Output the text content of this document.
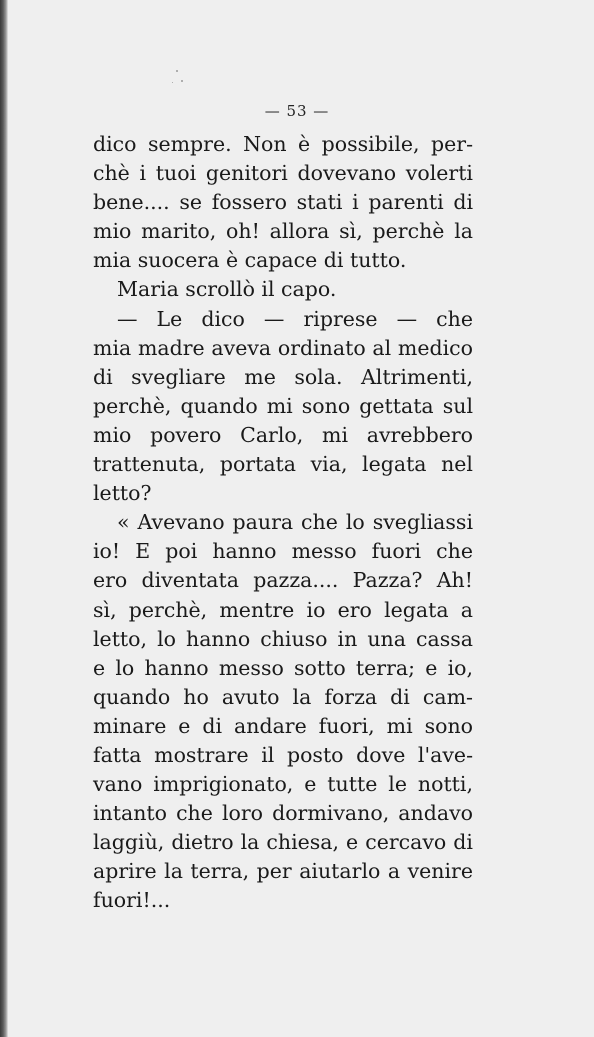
— 53 —
dico sempre. Non è possibile, per-
chè i tuoi genitori dovevano volerti
bene.... se fossero stati i parenti di
mio marito, oh! allora sì, perchè la
mia suocera è capace di tutto.
Maria scrollò il capo.
— Le dico — riprese — che
mia madre aveva ordinato al medico
di svegliare me sola. Altrimenti,
perchè, quando mi sono gettata sul
mio povero Carlo, mi avrebbero
trattenuta, portata via, legata nel
letto?
« Avevano paura che lo svegliassi
io! E poi hanno messo fuori che
ero diventata pazza.... Pazza? Ah!
sì, perchè, mentre io ero legata a
letto, lo hanno chiuso in una cassa
e lo hanno messo sotto terra; e io,
quando ho avuto la forza di cam-
minare e di andare fuori, mi sono
fatta mostrare il posto dove l'ave-
vano imprigionato, e tutte le notti,
intanto che loro dormivano, andavo
laggiù, dietro la chiesa, e cercavo di
aprire la terra, per aiutarlo a venire
fuori!...
